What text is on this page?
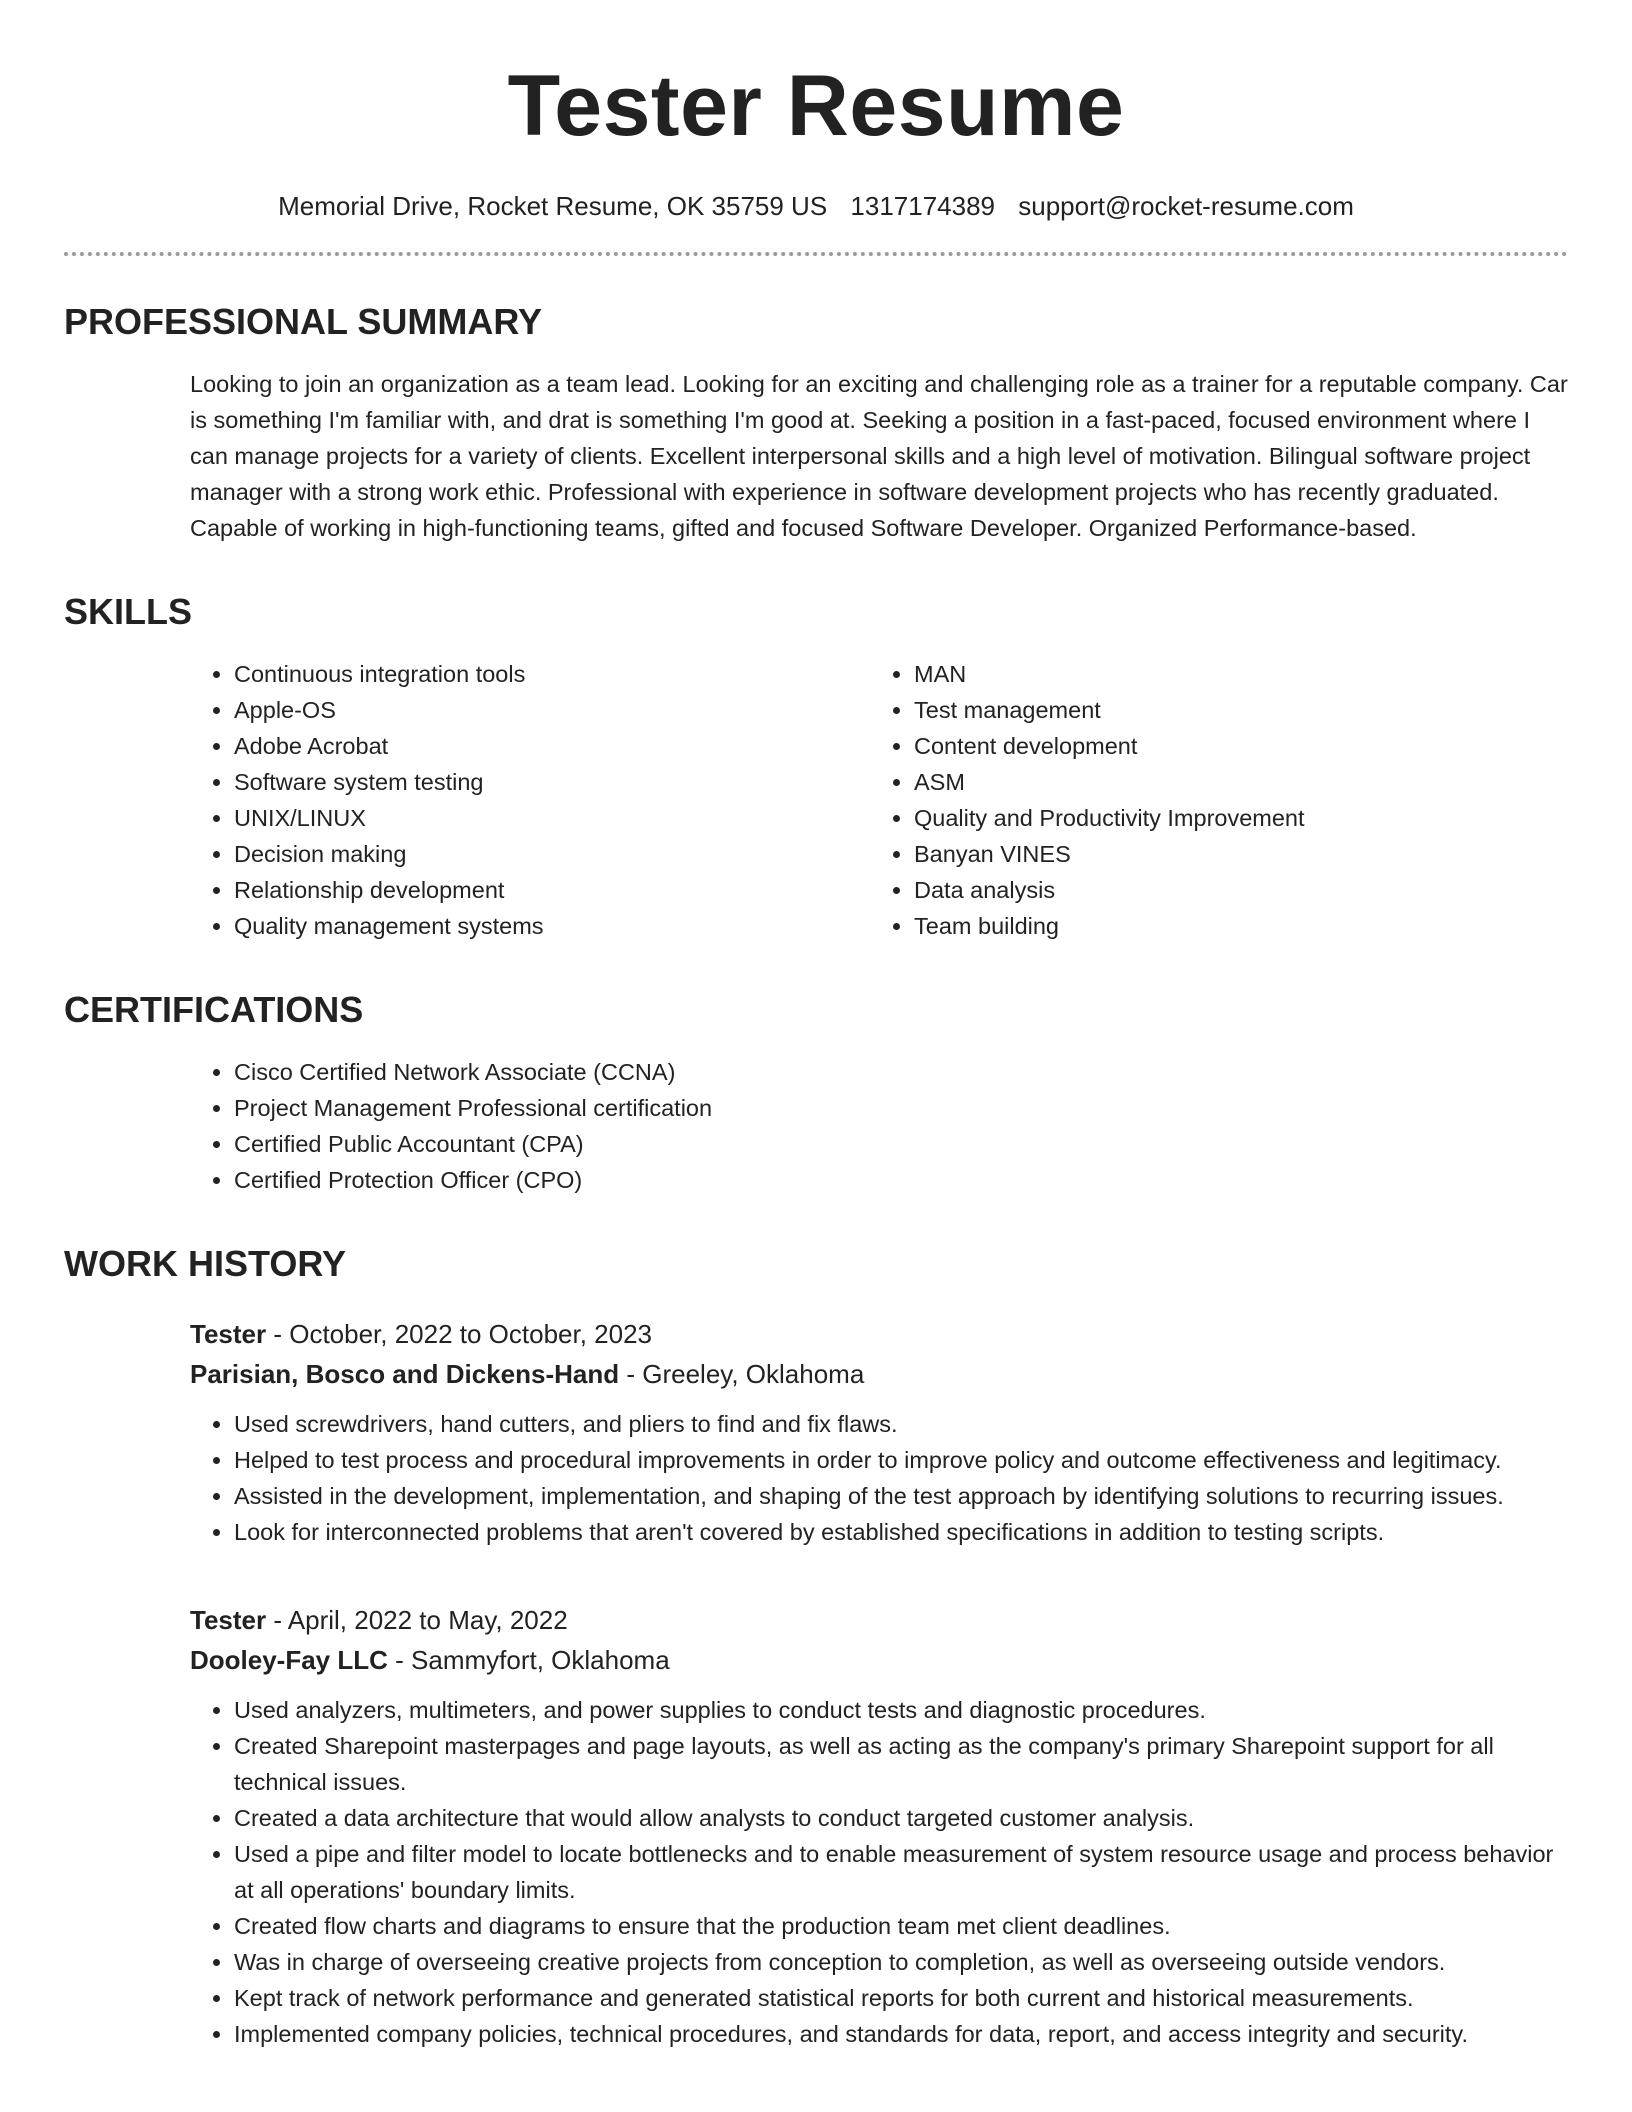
Tester Resume
Memorial Drive, Rocket Resume, OK 35759 US 1317174389 support@rocket-resume.com
PROFESSIONAL SUMMARY
Looking to join an organization as a team lead. Looking for an exciting and challenging role as a trainer for a reputable company. Car is something I'm familiar with, and drat is something I'm good at. Seeking a position in a fast-paced, focused environment where I can manage projects for a variety of clients. Excellent interpersonal skills and a high level of motivation. Bilingual software project manager with a strong work ethic. Professional with experience in software development projects who has recently graduated. Capable of working in high-functioning teams, gifted and focused Software Developer. Organized Performance-based.
SKILLS
• Continuous integration tools
• Apple-OS
• Adobe Acrobat
• Software system testing
• UNIX/LINUX
• Decision making
• Relationship development
• Quality management systems
• MAN
• Test management
• Content development
• ASM
• Quality and Productivity Improvement
• Banyan VINES
• Data analysis
• Team building
CERTIFICATIONS
• Cisco Certified Network Associate (CCNA)
• Project Management Professional certification
• Certified Public Accountant (CPA)
• Certified Protection Officer (CPO)
WORK HISTORY
Tester - October, 2022 to October, 2023
Parisian, Bosco and Dickens-Hand - Greeley, Oklahoma
• Used screwdrivers, hand cutters, and pliers to find and fix flaws.
• Helped to test process and procedural improvements in order to improve policy and outcome effectiveness and legitimacy.
• Assisted in the development, implementation, and shaping of the test approach by identifying solutions to recurring issues.
• Look for interconnected problems that aren't covered by established specifications in addition to testing scripts.
Tester - April, 2022 to May, 2022
Dooley-Fay LLC - Sammyfort, Oklahoma
• Used analyzers, multimeters, and power supplies to conduct tests and diagnostic procedures.
• Created Sharepoint masterpages and page layouts, as well as acting as the company's primary Sharepoint support for all technical issues.
• Created a data architecture that would allow analysts to conduct targeted customer analysis.
• Used a pipe and filter model to locate bottlenecks and to enable measurement of system resource usage and process behavior at all operations' boundary limits.
• Created flow charts and diagrams to ensure that the production team met client deadlines.
• Was in charge of overseeing creative projects from conception to completion, as well as overseeing outside vendors.
• Kept track of network performance and generated statistical reports for both current and historical measurements.
• Implemented company policies, technical procedures, and standards for data, report, and access integrity and security.
